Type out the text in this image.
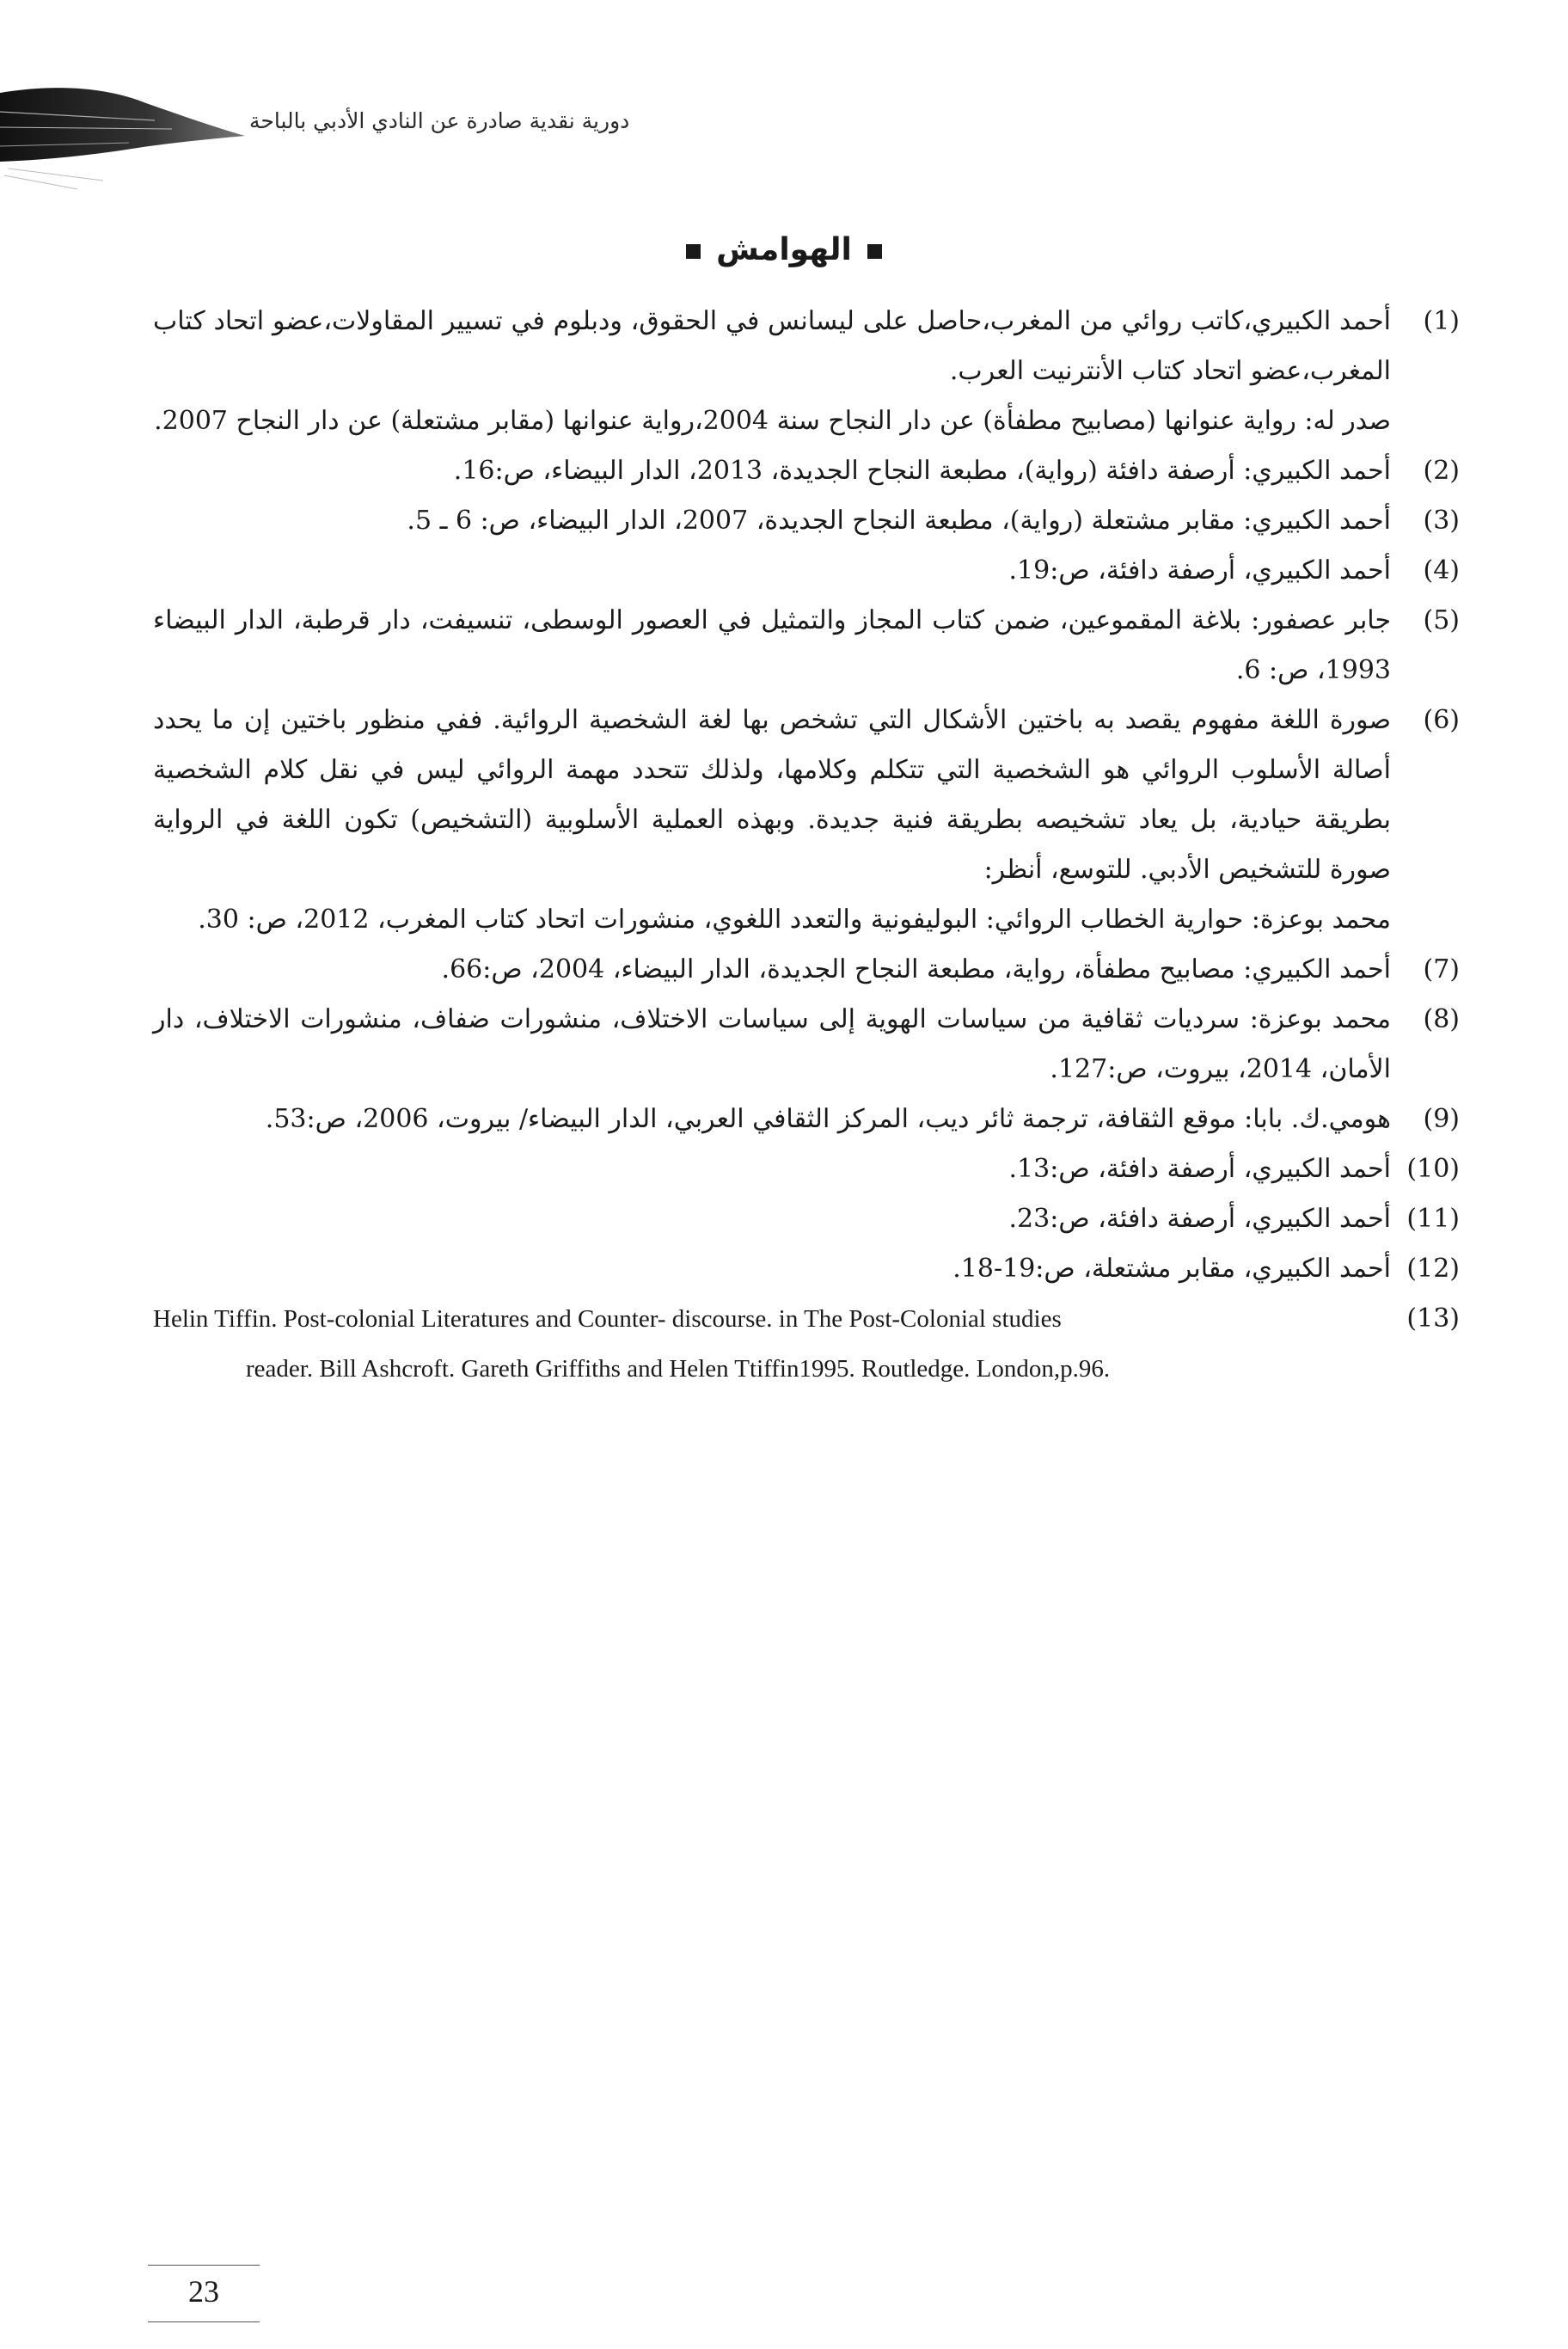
دورية نقدية صادرة عن النادي الأدبي بالباحة
الهوامش
(1)
أحمد الكبيري،كاتب روائي من المغرب،حاصل على ليسانس في الحقوق، ودبلوم في تسيير المقاولات،عضو اتحاد كتاب المغرب،عضو اتحاد كتاب الأنترنيت العرب.
صدر له: رواية عنوانها (مصابيح مطفأة) عن دار النجاح سنة 2004،رواية عنوانها (مقابر مشتعلة) عن دار النجاح 2007.
(2)
أحمد الكبيري: أرصفة دافئة (رواية)، مطبعة النجاح الجديدة، 2013، الدار البيضاء، ص:16.
(3)
أحمد الكبيري: مقابر مشتعلة (رواية)، مطبعة النجاح الجديدة، 2007، الدار البيضاء، ص: 6 ـ 5.
(4)
أحمد الكبيري، أرصفة دافئة، ص:19.
(5)
جابر عصفور: بلاغة المقموعين، ضمن كتاب المجاز والتمثيل في العصور الوسطى، تنسيفت، دار قرطبة، الدار البيضاء 1993، ص: 6.
(6)
صورة اللغة مفهوم يقصد به باختين الأشكال التي تشخص بها لغة الشخصية الروائية. ففي منظور باختين إن ما يحدد أصالة الأسلوب الروائي هو الشخصية التي تتكلم وكلامها، ولذلك تتحدد مهمة الروائي ليس في نقل كلام الشخصية بطريقة حيادية، بل يعاد تشخيصه بطريقة فنية جديدة. وبهذه العملية الأسلوبية (التشخيص) تكون اللغة في الرواية صورة للتشخيص الأدبي. للتوسع، أنظر:
محمد بوعزة: حوارية الخطاب الروائي: البوليفونية والتعدد اللغوي، منشورات اتحاد كتاب المغرب، 2012، ص: 30.
(7)
أحمد الكبيري: مصابيح مطفأة، رواية، مطبعة النجاح الجديدة، الدار البيضاء، 2004، ص:66.
(8)
محمد بوعزة: سرديات ثقافية من سياسات الهوية إلى سياسات الاختلاف، منشورات ضفاف، منشورات الاختلاف، دار الأمان، 2014، بيروت، ص:127.
(9)
هومي.ك. بابا: موقع الثقافة، ترجمة ثائر ديب، المركز الثقافي العربي، الدار البيضاء/ بيروت، 2006، ص:53.
(10)
أحمد الكبيري، أرصفة دافئة، ص:13.
(11)
أحمد الكبيري، أرصفة دافئة، ص:23.
(12)
أحمد الكبيري، مقابر مشتعلة، ص:19-18.
(13)
Helin Tiffin. Post-colonial Literatures and Counter- discourse. in The Post-Colonial studies
reader. Bill Ashcroft. Gareth Griffiths and Helen Ttiffin1995. Routledge. London,p.96.
23
